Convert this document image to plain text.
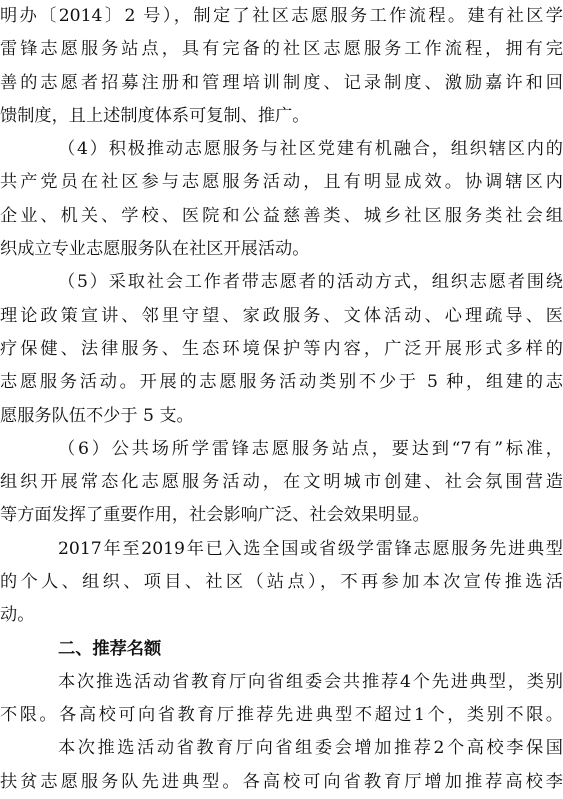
明办〔2014〕2 号），制定了社区志愿服务工作流程。建有社区学
雷锋志愿服务站点，具有完备的社区志愿服务工作流程，拥有完
善的志愿者招募注册和管理培训制度、记录制度、激励嘉许和回
馈制度，且上述制度体系可复制、推广。
（4）积极推动志愿服务与社区党建有机融合，组织辖区内的
共产党员在社区参与志愿服务活动，且有明显成效。协调辖区内
企业、机关、学校、医院和公益慈善类、城乡社区服务类社会组
织成立专业志愿服务队在社区开展活动。
（5）采取社会工作者带志愿者的活动方式，组织志愿者围绕
理论政策宣讲、邻里守望、家政服务、文体活动、心理疏导、医
疗保健、法律服务、生态环境保护等内容，广泛开展形式多样的
志愿服务活动。开展的志愿服务活动类别不少于 5 种，组建的志
愿服务队伍不少于 5 支。
（6）公共场所学雷锋志愿服务站点，要达到“7有”标准，
组织开展常态化志愿服务活动，在文明城市创建、社会氛围营造
等方面发挥了重要作用，社会影响广泛、社会效果明显。
2017年至2019年已入选全国或省级学雷锋志愿服务先进典型
的个人、组织、项目、社区（站点），不再参加本次宣传推选活
动。
二、推荐名额
本次推选活动省教育厅向省组委会共推荐4个先进典型，类别
不限。各高校可向省教育厅推荐先进典型不超过1个，类别不限。
本次推选活动省教育厅向省组委会增加推荐2个高校李保国
扶贫志愿服务队先进典型。各高校可向省教育厅增加推荐高校李
